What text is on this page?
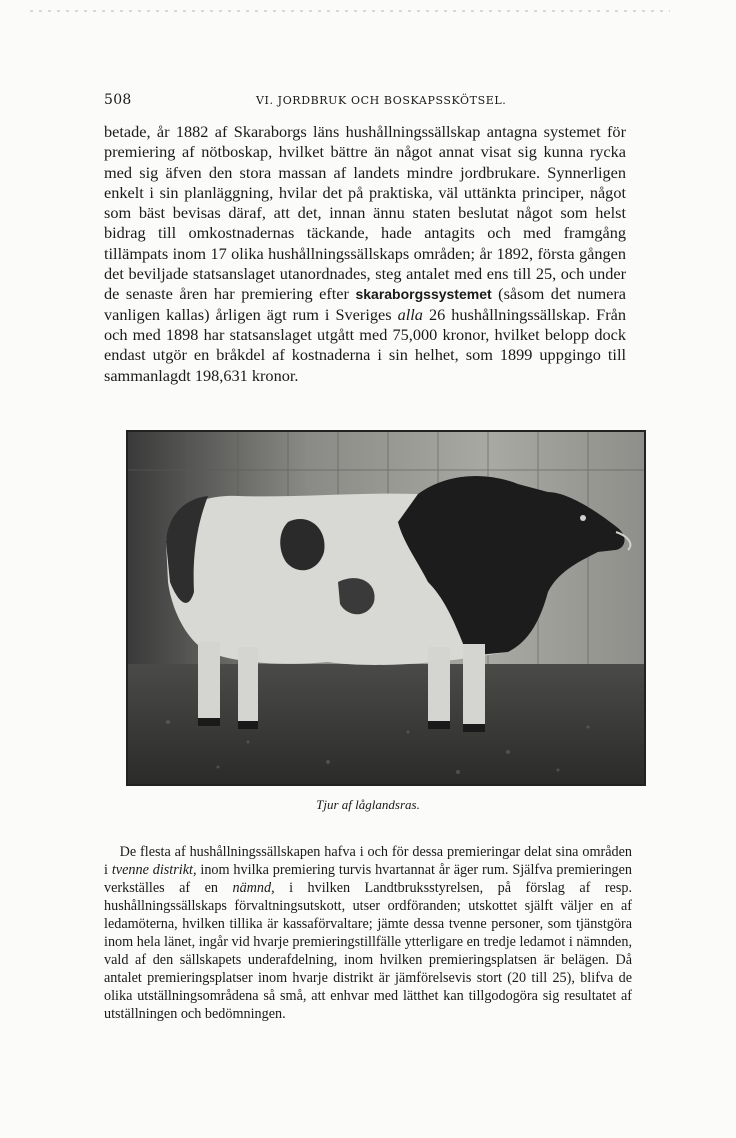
508	VI. JORDBRUK OCH BOSKAPSSKÖTSEL.

betade, år 1882 af Skaraborgs läns hushållningssällskap antagna systemet för premiering af nötboskap, hvilket bättre än något annat visat sig kunna rycka med sig äfven den stora massan af landets mindre jordbrukare. Synnerligen enkelt i sin planläggning, hvilar det på praktiska, väl uttänkta principer, något som bäst bevisas däraf, att det, innan ännu staten beslutat något som helst bidrag till omkostnadernas täckande, hade antagits och med framgång tillämpats inom 17 olika hushållningssällskaps områden; år 1892, första gången det beviljade statsanslaget utanordnades, steg antalet med ens till 25, och under de senaste åren har premiering efter skaraborgssystemet (såsom det numera vanligen kallas) årligen ägt rum i Sveriges alla 26 hushållningssällskap. Från och med 1898 har statsanslaget utgått med 75,000 kronor, hvilket belopp dock endast utgör en bråkdel af kostnaderna i sin helhet, som 1899 uppgingo till sammanlagdt 198,631 kronor.

Tjur af låglandsras.

De flesta af hushållningssällskapen hafva i och för dessa premieringar delat sina områden i tvenne distrikt, inom hvilka premiering turvis hvartannat år äger rum. Själfva premieringen verkställes af en nämnd, i hvilken Landtbruksstyrelsen, på förslag af resp. hushållningssällskaps förvaltningsutskott, utser ordföranden; utskottet själft väljer en af ledamöterna, hvilken tillika är kassaförvaltare; jämte dessa tvenne personer, som tjänstgöra inom hela länet, ingår vid hvarje premieringstillfälle ytterligare en tredje ledamot i nämnden, vald af den sällskapets underafdelning, inom hvilken premieringsplatsen är belägen. Då antalet premieringsplatser inom hvarje distrikt är jämförelsevis stort (20 till 25), blifva de olika utställningsområdena så små, att enhvar med lätthet kan tillgodogöra sig resultatet af utställningen och bedömningen.
